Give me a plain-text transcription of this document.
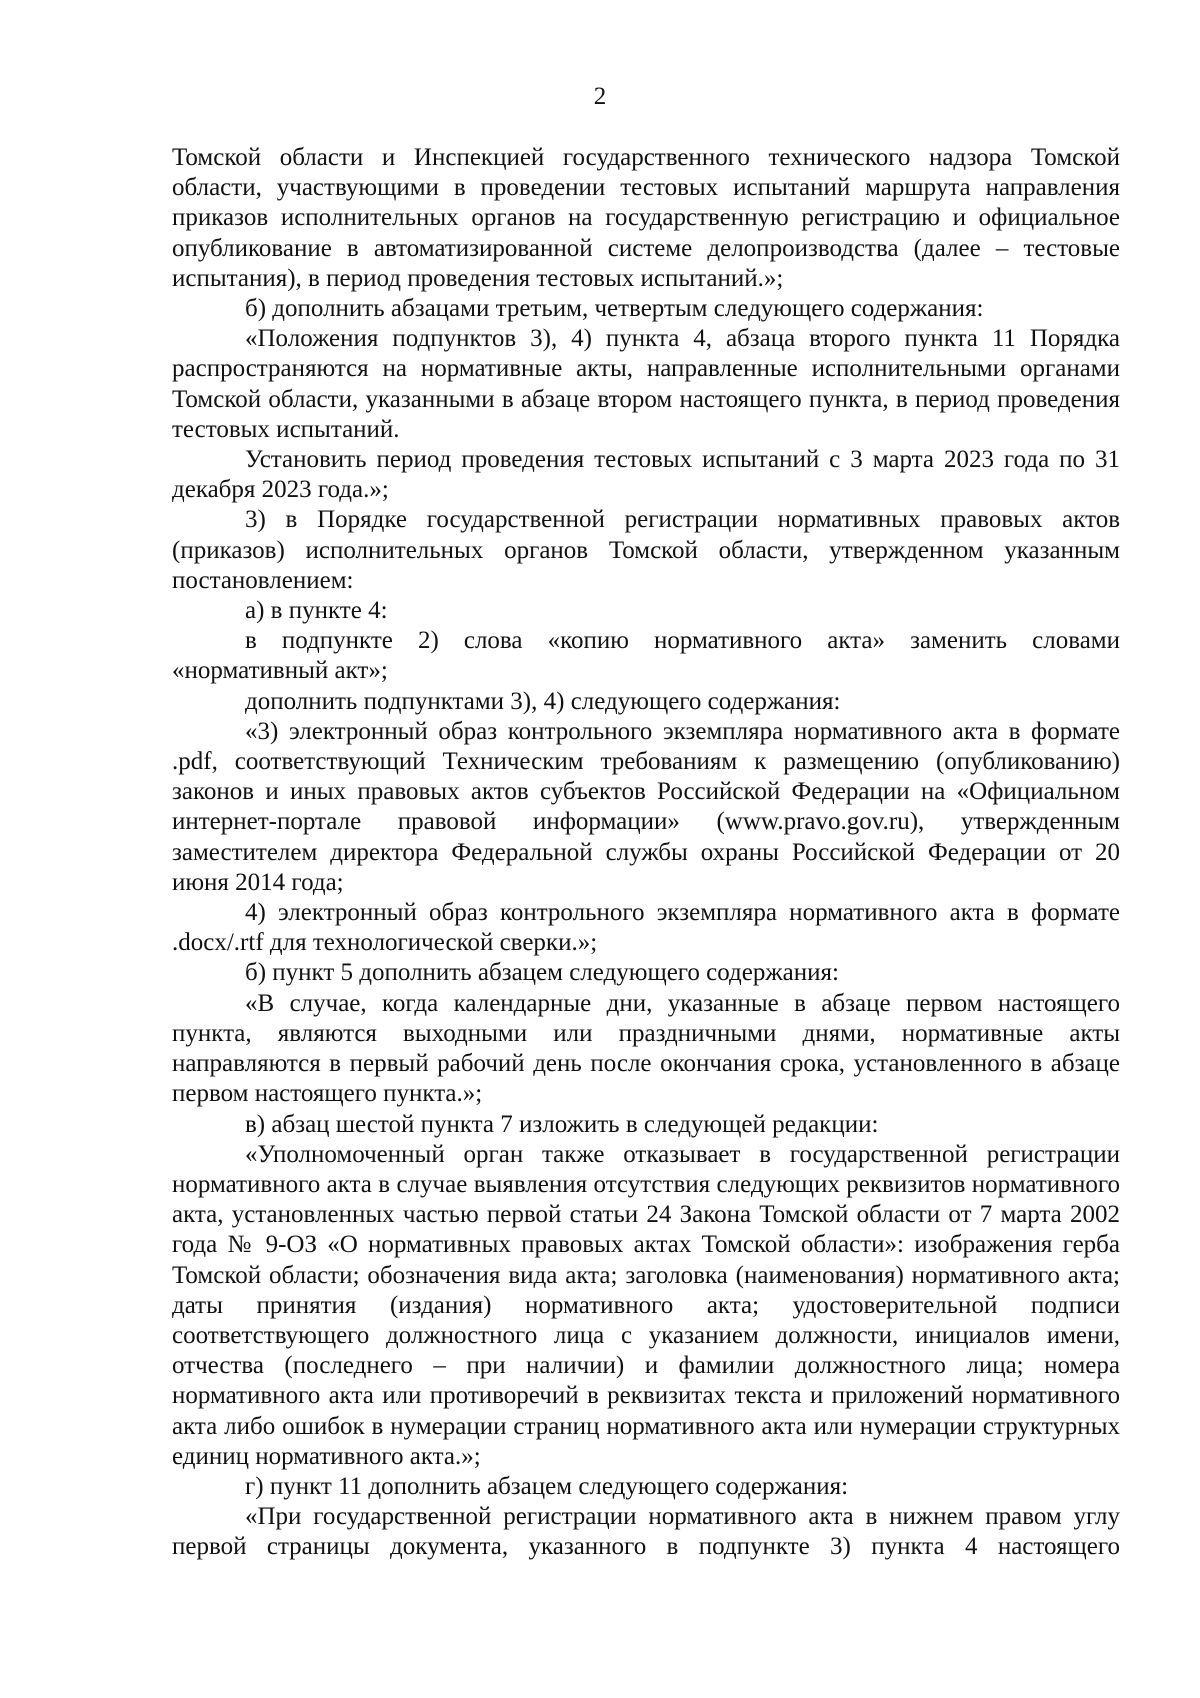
2

Томской области и Инспекцией государственного технического надзора Томской области, участвующими в проведении тестовых испытаний маршрута направления приказов исполнительных органов на государственную регистрацию и официальное опубликование в автоматизированной системе делопроизводства (далее – тестовые испытания), в период проведения тестовых испытаний.»;

б) дополнить абзацами третьим, четвертым следующего содержания:

«Положения подпунктов 3), 4) пункта 4, абзаца второго пункта 11 Порядка распространяются на нормативные акты, направленные исполнительными органами Томской области, указанными в абзаце втором настоящего пункта, в период проведения тестовых испытаний.

Установить период проведения тестовых испытаний с 3 марта 2023 года по 31 декабря 2023 года.»;

3) в Порядке государственной регистрации нормативных правовых актов (приказов) исполнительных органов Томской области, утвержденном указанным постановлением:

а) в пункте 4:

в подпункте 2) слова «копию нормативного акта» заменить словами «нормативный акт»;

дополнить подпунктами 3), 4) следующего содержания:

«3) электронный образ контрольного экземпляра нормативного акта в формате .pdf, соответствующий Техническим требованиям к размещению (опубликованию) законов и иных правовых актов субъектов Российской Федерации на «Официальном интернет-портале правовой информации» (www.pravo.gov.ru), утвержденным заместителем директора Федеральной службы охраны Российской Федерации от 20 июня 2014 года;

4) электронный образ контрольного экземпляра нормативного акта в формате .docx/.rtf для технологической сверки.»;

б) пункт 5 дополнить абзацем следующего содержания:

«В случае, когда календарные дни, указанные в абзаце первом настоящего пункта, являются выходными или праздничными днями, нормативные акты направляются в первый рабочий день после окончания срока, установленного в абзаце первом настоящего пункта.»;

в) абзац шестой пункта 7 изложить в следующей редакции:

«Уполномоченный орган также отказывает в государственной регистрации нормативного акта в случае выявления отсутствия следующих реквизитов нормативного акта, установленных частью первой статьи 24 Закона Томской области от 7 марта 2002 года № 9-ОЗ «О нормативных правовых актах Томской области»: изображения герба Томской области; обозначения вида акта; заголовка (наименования) нормативного акта; даты принятия (издания) нормативного акта; удостоверительной подписи соответствующего должностного лица с указанием должности, инициалов имени, отчества (последнего – при наличии) и фамилии должностного лица; номера нормативного акта или противоречий в реквизитах текста и приложений нормативного акта либо ошибок в нумерации страниц нормативного акта или нумерации структурных единиц нормативного акта.»;

г) пункт 11 дополнить абзацем следующего содержания:

«При государственной регистрации нормативного акта в нижнем правом углу первой страницы документа, указанного в подпункте 3) пункта 4 настоящего
